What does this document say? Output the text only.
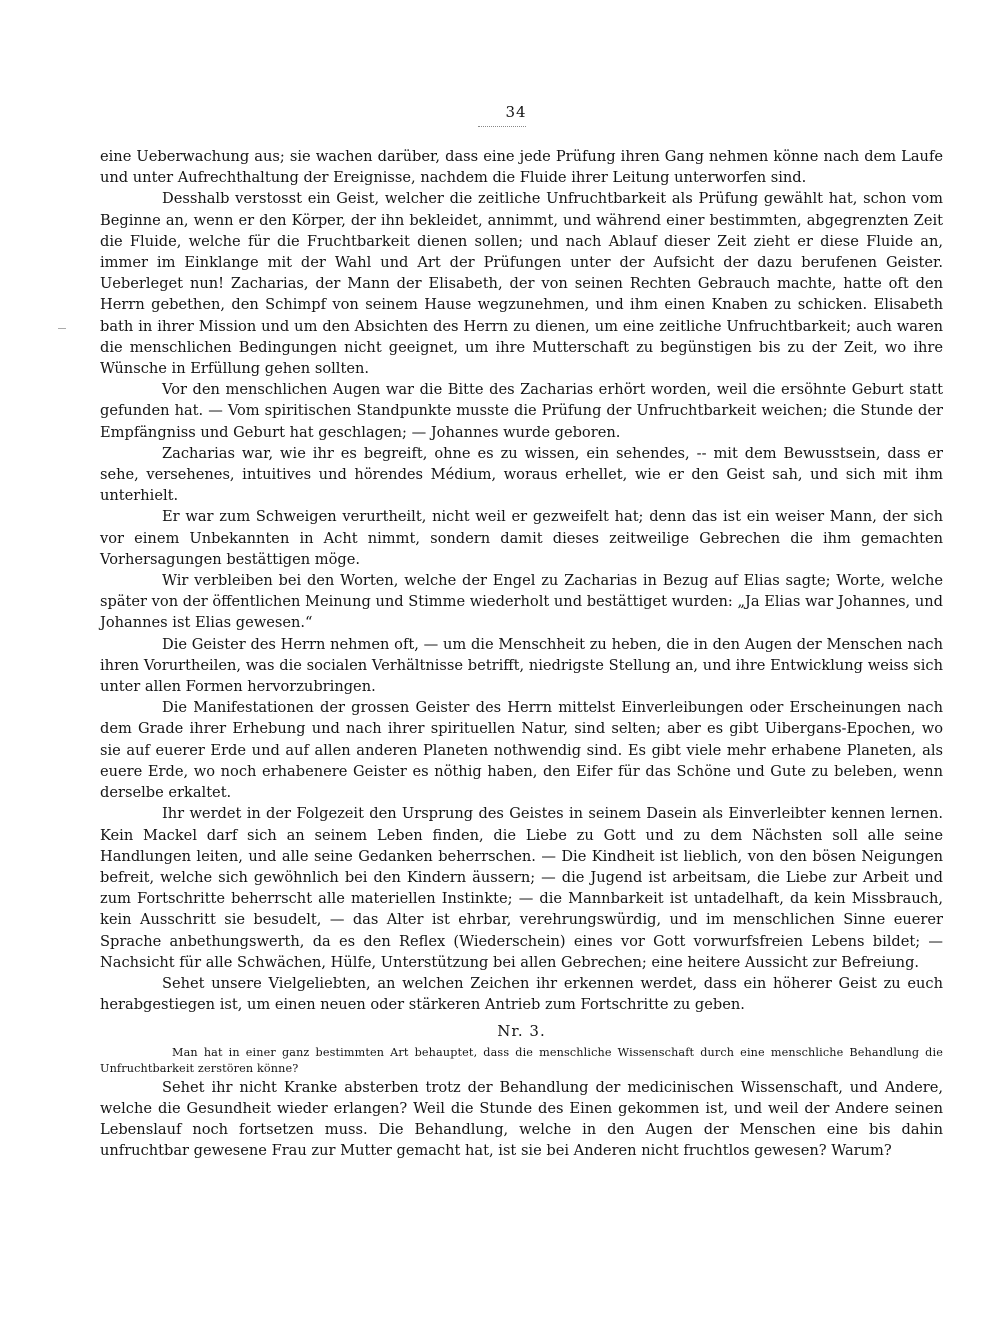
34

eine Ueberwachung aus; sie wachen darüber, dass eine jede Prüfung ihren Gang nehmen könne nach dem Laufe und unter Aufrechthaltung der Ereignisse, nachdem die Fluide ihrer Leitung unterworfen sind.

Desshalb verstosst ein Geist, welcher die zeitliche Unfruchtbarkeit als Prüfung gewählt hat, schon vom Beginne an, wenn er den Körper, der ihn bekleidet, annimmt, und während einer bestimmten, abgegrenzten Zeit die Fluide, welche für die Fruchtbarkeit dienen sollen; und nach Ablauf dieser Zeit zieht er diese Fluide an, immer im Einklange mit der Wahl und Art der Prüfungen unter der Aufsicht der dazu berufenen Geister. Ueberleget nun! Zacharias, der Mann der Elisabeth, der von seinen Rechten Gebrauch machte, hatte oft den Herrn gebethen, den Schimpf von seinem Hause wegzunehmen, und ihm einen Knaben zu schicken. Elisabeth bath in ihrer Mission und um den Absichten des Herrn zu dienen, um eine zeitliche Unfruchtbarkeit; auch waren die menschlichen Bedingungen nicht geeignet, um ihre Mutterschaft zu begünstigen bis zu der Zeit, wo ihre Wünsche in Erfüllung gehen sollten.

Vor den menschlichen Augen war die Bitte des Zacharias erhört worden, weil die ersöhnte Geburt statt gefunden hat. — Vom spiritischen Standpunkte musste die Prüfung der Unfruchtbarkeit weichen; die Stunde der Empfängniss und Geburt hat geschlagen; — Johannes wurde geboren.

Zacharias war, wie ihr es begreift, ohne es zu wissen, ein sehendes, -- mit dem Bewusstsein, dass er sehe, versehenes, intuitives und hörendes Médium, woraus erhellet, wie er den Geist sah, und sich mit ihm unterhielt.

Er war zum Schweigen verurtheilt, nicht weil er gezweifelt hat; denn das ist ein weiser Mann, der sich vor einem Unbekannten in Acht nimmt, sondern damit dieses zeitweilige Gebrechen die ihm gemachten Vorhersagungen bestättigen möge.

Wir verbleiben bei den Worten, welche der Engel zu Zacharias in Bezug auf Elias sagte; Worte, welche später von der öffentlichen Meinung und Stimme wiederholt und bestättiget wurden: „Ja Elias war Johannes, und Johannes ist Elias gewesen.“

Die Geister des Herrn nehmen oft, — um die Menschheit zu heben, die in den Augen der Menschen nach ihren Vorurtheilen, was die socialen Verhältnisse betrifft, niedrigste Stellung an, und ihre Entwicklung weiss sich unter allen Formen hervorzubringen.

Die Manifestationen der grossen Geister des Herrn mittelst Einverleibungen oder Erscheinungen nach dem Grade ihrer Erhebung und nach ihrer spirituellen Natur, sind selten; aber es gibt Uibergans-Epochen, wo sie auf euerer Erde und auf allen anderen Planeten nothwendig sind. Es gibt viele mehr erhabene Planeten, als euere Erde, wo noch erhabenere Geister es nöthig haben, den Eifer für das Schöne und Gute zu beleben, wenn derselbe erkaltet.

Ihr werdet in der Folgezeit den Ursprung des Geistes in seinem Dasein als Einverleibter kennen lernen. Kein Mackel darf sich an seinem Leben finden, die Liebe zu Gott und zu dem Nächsten soll alle seine Handlungen leiten, und alle seine Gedanken beherrschen. — Die Kindheit ist lieblich, von den bösen Neigungen befreit, welche sich gewöhnlich bei den Kindern äussern; — die Jugend ist arbeitsam, die Liebe zur Arbeit und zum Fortschritte beherrscht alle materiellen Instinkte; — die Mannbarkeit ist untadelhaft, da kein Missbrauch, kein Ausschritt sie besudelt, — das Alter ist ehrbar, verehrungswürdig, und im menschlichen Sinne euerer Sprache anbethungswerth, da es den Reflex (Wiederschein) eines vor Gott vorwurfsfreien Lebens bildet; — Nachsicht für alle Schwächen, Hülfe, Unterstützung bei allen Gebrechen; eine heitere Aussicht zur Befreiung.

Sehet unsere Vielgeliebten, an welchen Zeichen ihr erkennen werdet, dass ein höherer Geist zu euch herabgestiegen ist, um einen neuen oder stärkeren Antrieb zum Fortschritte zu geben.

Nr. 3.
Man hat in einer ganz bestimmten Art behauptet, dass die menschliche Wissenschaft durch eine menschliche Behandlung die Unfruchtbarkeit zerstören könne?

Sehet ihr nicht Kranke absterben trotz der Behandlung der medicinischen Wissenschaft, und Andere, welche die Gesundheit wieder erlangen? Weil die Stunde des Einen gekommen ist, und weil der Andere seinen Lebenslauf noch fortsetzen muss. Die Behandlung, welche in den Augen der Menschen eine bis dahin unfruchtbar gewesene Frau zur Mutter gemacht hat, ist sie bei Anderen nicht fruchtlos gewesen? Warum?
